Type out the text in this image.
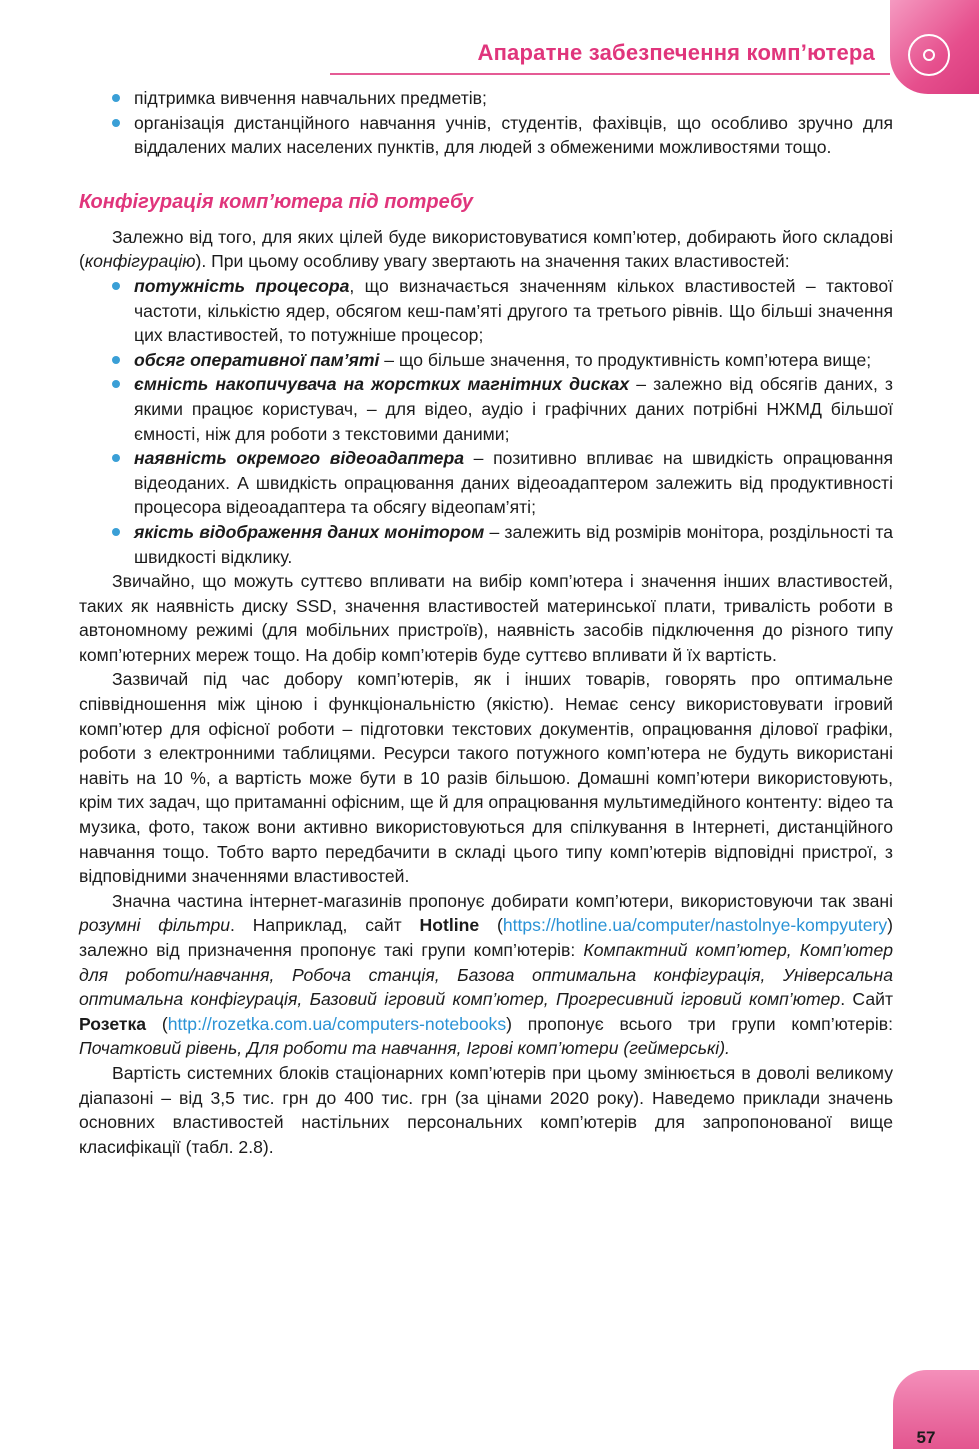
Апаратне забезпечення комп’ютера
підтримка вивчення навчальних предметів;
організація дистанційного навчання учнів, студентів, фахівців, що особливо зручно для віддалених малих населених пунктів, для людей з обмеженими можливостями тощо.
Конфігурація комп’ютера під потребу

Залежно від того, для яких цілей буде використовуватися комп’ютер, добирають його складові (конфігурацію). При цьому особливу увагу звертають на значення таких властивостей:

потужність процесора, що визначається значенням кількох властивостей – тактової частоти, кількістю ядер, обсягом кеш-пам’яті другого та третього рівнів. Що більші значення цих властивостей, то потужніше процесор;
обсяг оперативної пам’яті – що більше значення, то продуктивність комп’ютера вище;
ємність накопичувача на жорстких магнітних дисках – залежно від обсягів даних, з якими працює користувач, – для відео, аудіо і графічних даних потрібні НЖМД більшої ємності, ніж для роботи з текстовими даними;
наявність окремого відеоадаптера – позитивно впливає на швидкість опрацювання відеоданих. А швидкість опрацювання даних відеоадаптером залежить від продуктивності процесора відеоадаптера та обсягу відеопам’яті;
якість відображення даних монітором – залежить від розмірів монітора, роздільності та швидкості відклику.

Звичайно, що можуть суттєво впливати на вибір комп’ютера і значення інших властивостей, таких як наявність диску SSD, значення властивостей материнської плати, тривалість роботи в автономному режимі (для мобільних пристроїв), наявність засобів підключення до різного типу комп’ютерних мереж тощо. На добір комп’ютерів буде суттєво впливати й їх вартість.

Зазвичай під час добору комп’ютерів, як і інших товарів, говорять про оптимальне співвідношення між ціною і функціональністю (якістю). Немає сенсу використовувати ігровий комп’ютер для офісної роботи – підготовки текстових документів, опрацювання ділової графіки, роботи з електронними таблицями. Ресурси такого потужного комп’ютера не будуть використані навіть на 10 %, а вартість може бути в 10 разів більшою. Домашні комп’ютери використовують, крім тих задач, що притаманні офісним, ще й для опрацювання мультимедійного контенту: відео та музика, фото, також вони активно використовуються для спілкування в Інтернеті, дистанційного навчання тощо. Тобто варто передбачити в складі цього типу комп’ютерів відповідні пристрої, з відповідними значеннями властивостей.

Значна частина інтернет-магазинів пропонує добирати комп’ютери, використовуючи так звані розумні фільтри. Наприклад, сайт Hotline (https://hotline.ua/computer/nastolnye-kompyutery) залежно від призначення пропонує такі групи комп’ютерів: Компактний комп’ютер, Комп’ютер для роботи/навчання, Робоча станція, Базова оптимальна конфігурація, Універсальна оптимальна конфігурація, Базовий ігровий комп’ютер, Прогресивний ігровий комп’ютер. Сайт Розетка (http://rozetka.com.ua/computers-notebooks) пропонує всього три групи комп’ютерів: Початковий рівень, Для роботи та навчання, Ігрові комп’ютери (геймерські).

Вартість системних блоків стаціонарних комп’ютерів при цьому змінюється в доволі великому діапазоні – від 3,5 тис. грн до 400 тис. грн (за цінами 2020 року). Наведемо приклади значень основних властивостей настільних персональних комп’ютерів для запропонованої вище класифікації (табл. 2.8).

57
